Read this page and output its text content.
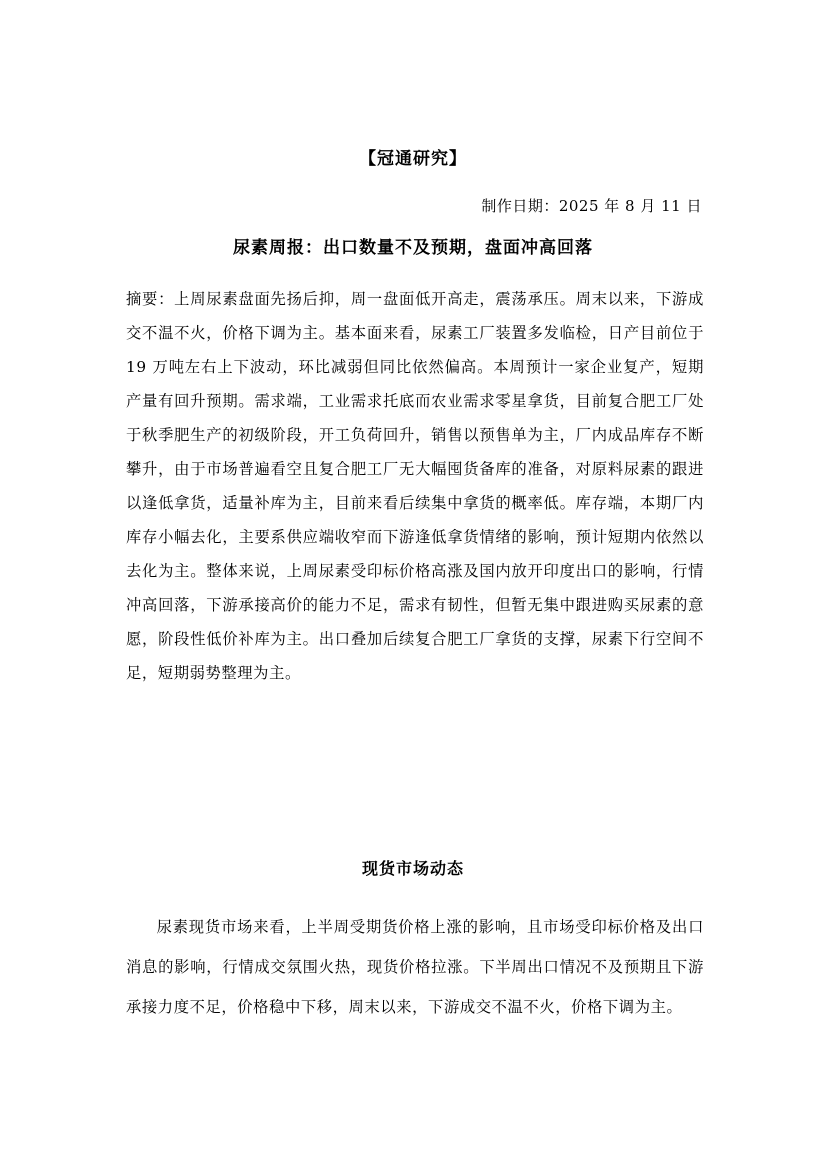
【冠通研究】
制作日期：2025 年 8 月 11 日
尿素周报：出口数量不及预期，盘面冲高回落

摘要：上周尿素盘面先扬后抑，周一盘面低开高走，震荡承压。周末以来，下游成交不温不火，价格下调为主。基本面来看，尿素工厂装置多发临检，日产目前位于 19 万吨左右上下波动，环比减弱但同比依然偏高。本周预计一家企业复产，短期产量有回升预期。需求端，工业需求托底而农业需求零星拿货，目前复合肥工厂处于秋季肥生产的初级阶段，开工负荷回升，销售以预售单为主，厂内成品库存不断攀升，由于市场普遍看空且复合肥工厂无大幅囤货备库的准备，对原料尿素的跟进以逢低拿货，适量补库为主，目前来看后续集中拿货的概率低。库存端，本期厂内库存小幅去化，主要系供应端收窄而下游逢低拿货情绪的影响，预计短期内依然以去化为主。整体来说，上周尿素受印标价格高涨及国内放开印度出口的影响，行情冲高回落，下游承接高价的能力不足，需求有韧性，但暂无集中跟进购买尿素的意愿，阶段性低价补库为主。出口叠加后续复合肥工厂拿货的支撑，尿素下行空间不足，短期弱势整理为主。

现货市场动态

尿素现货市场来看，上半周受期货价格上涨的影响，且市场受印标价格及出口消息的影响，行情成交氛围火热，现货价格拉涨。下半周出口情况不及预期且下游承接力度不足，价格稳中下移，周末以来，下游成交不温不火，价格下调为主。
